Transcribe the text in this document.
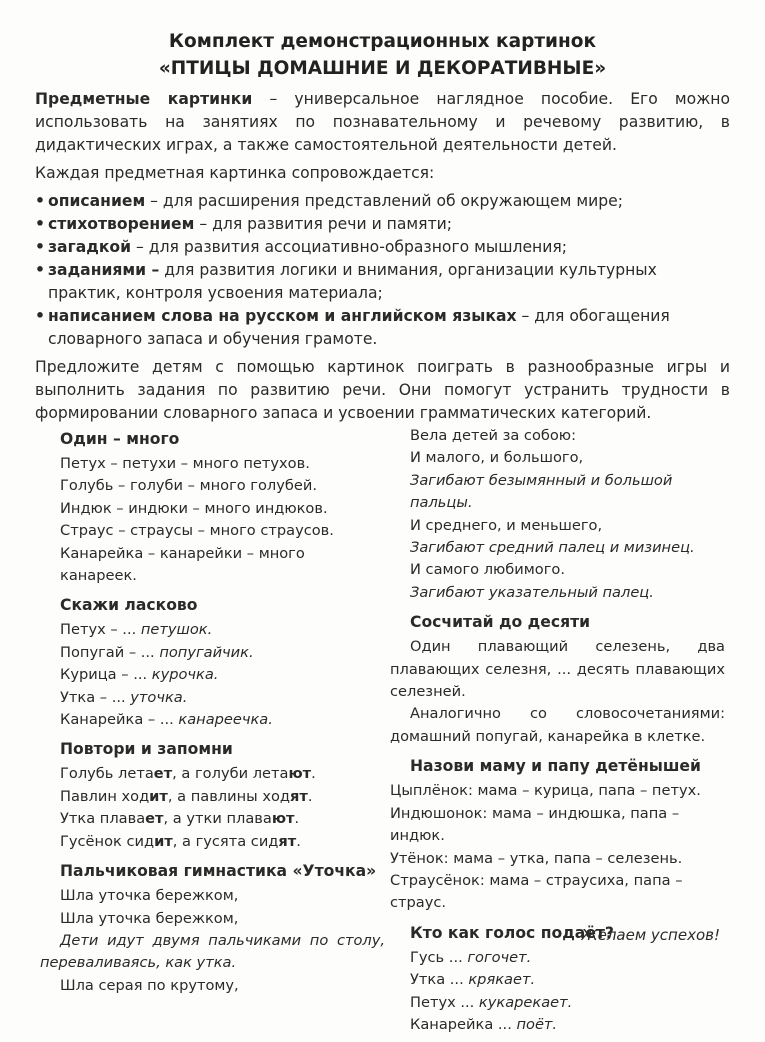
Комплект демонстрационных картинок
«ПТИЦЫ ДОМАШНИЕ И ДЕКОРАТИВНЫЕ»

Предметные картинки – универсальное наглядное пособие. Его можно использовать на занятиях по познавательному и речевому развитию, в дидактических играх, а также самостоятельной деятельности детей.

Каждая предметная картинка сопровождается:

• описанием – для расширения представлений об окружающем мире;
• стихотворением – для развития речи и памяти;
• загадкой – для развития ассоциативно-образного мышления;
• заданиями – для развития логики и внимания, организации культурных практик, контроля усвоения материала;
• написанием слова на русском и английском языках – для обогащения словарного запаса и обучения грамоте.

Предложите детям с помощью картинок поиграть в разнообразные игры и выполнить задания по развитию речи. Они помогут устранить трудности в формировании словарного запаса и усвоении грамматических категорий.

Один – много
Петух – петухи – много петухов.
Голубь – голуби – много голубей.
Индюк – индюки – много индюков.
Страус – страусы – много страусов.
Канарейка – канарейки – много канареек.
Скажи ласково
Петух – ... петушок.
Попугай – ... попугайчик.
Курица – ... курочка.
Утка – ... уточка.
Канарейка – ... канареечка.
Повтори и запомни
Голубь летает, а голуби летают.
Павлин ходит, а павлины ходят.
Утка плавает, а утки плавают.
Гусёнок сидит, а гусята сидят.
Пальчиковая гимнастика «Уточка»
Шла уточка бережком,
Шла уточка бережком,
Дети идут двумя пальчиками по столу, переваливаясь, как утка.
Шла серая по крутому,
Вела детей за собою:
И малого, и большого,
Загибают безымянный и большой пальцы.
И среднего, и меньшего,
Загибают средний палец и мизинец.
И самого любимого.
Загибают указательный палец.
Сосчитай до десяти
Один плавающий селезень, два плавающих селезня, ... десять плавающих селезней.
Аналогично со словосочетаниями: домашний попугай, канарейка в клетке.
Назови маму и папу детёнышей
Цыплёнок: мама – курица, папа – петух.
Индюшонок: мама – индюшка, папа – индюк.
Утёнок: мама – утка, папа – селезень.
Страусёнок: мама – страусиха, папа – страус.
Кто как голос подаёт?
Гусь ... гогочет.
Утка ... крякает.
Петух ... кукарекает.
Канарейка ... поёт.
Желаем успехов!
